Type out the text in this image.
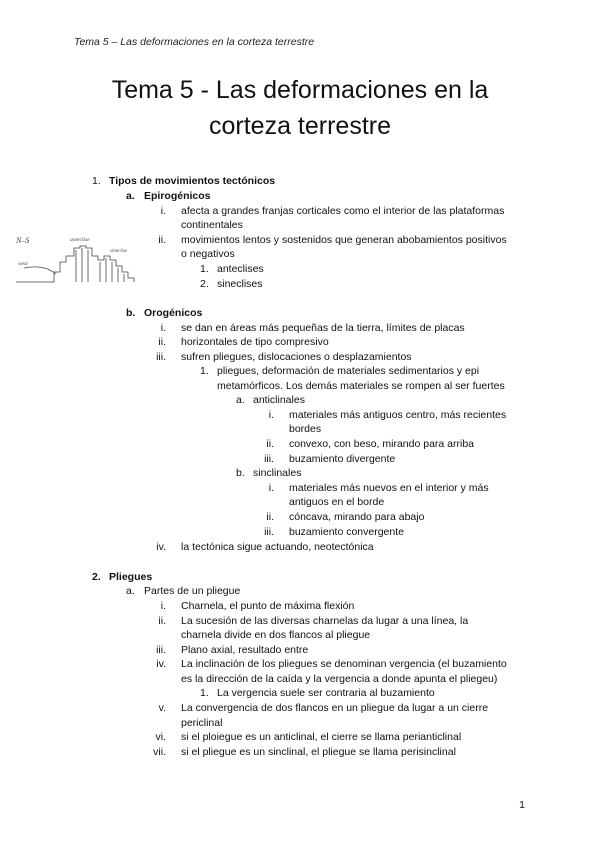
Tema 5 – Las deformaciones en la corteza terrestre
Tema 5 - Las deformaciones en la
corteza terrestre
1. Tipos de movimientos tectónicos
a. Epirogénicos
i. afecta a grandes franjas corticales como el interior de las plataformas
continentales
ii. movimientos lentos y sostenidos que generan abobamientos positivos
o negativos
1. anteclises
2. sineclises
N–S	anteclise
sineclise
west
b. Orogénicos
i. se dan en áreas más pequeñas de la tierra, límites de placas
ii. horizontales de tipo compresivo
iii. sufren pliegues, dislocaciones o desplazamientos
1. pliegues, deformación de materiales sedimentarios y epi
metamórficos. Los demás materiales se rompen al ser fuertes
a. anticlinales
i. materiales más antiguos centro, más recientes
bordes
ii. convexo, con beso, mirando para arriba
iii. buzamiento divergente
b. sinclinales
i. materiales más nuevos en el interior y más
antiguos en el borde
ii. cóncava, mirando para abajo
iii. buzamiento convergente
iv. la tectónica sigue actuando, neotectónica
2. Pliegues
a. Partes de un pliegue
i. Charnela, el punto de máxima flexión
ii. La sucesión de las diversas charnelas da lugar a una línea, la
charnela divide en dos flancos al pliegue
iii. Plano axial, resultado entre
iv. La inclinación de los pliegues se denominan vergencia (el buzamiento
es la dirección de la caída y la vergencia a donde apunta el pliegeu)
1. La vergencia suele ser contraria al buzamiento
v. La convergencia de dos flancos en un pliegue da lugar a un cierre
periclinal
vi. si el ploiegue es un anticlinal, el cierre se llama perianticlinal
vii. si el pliegue es un sinclinal, el pliegue se llama perisinclinal
1
